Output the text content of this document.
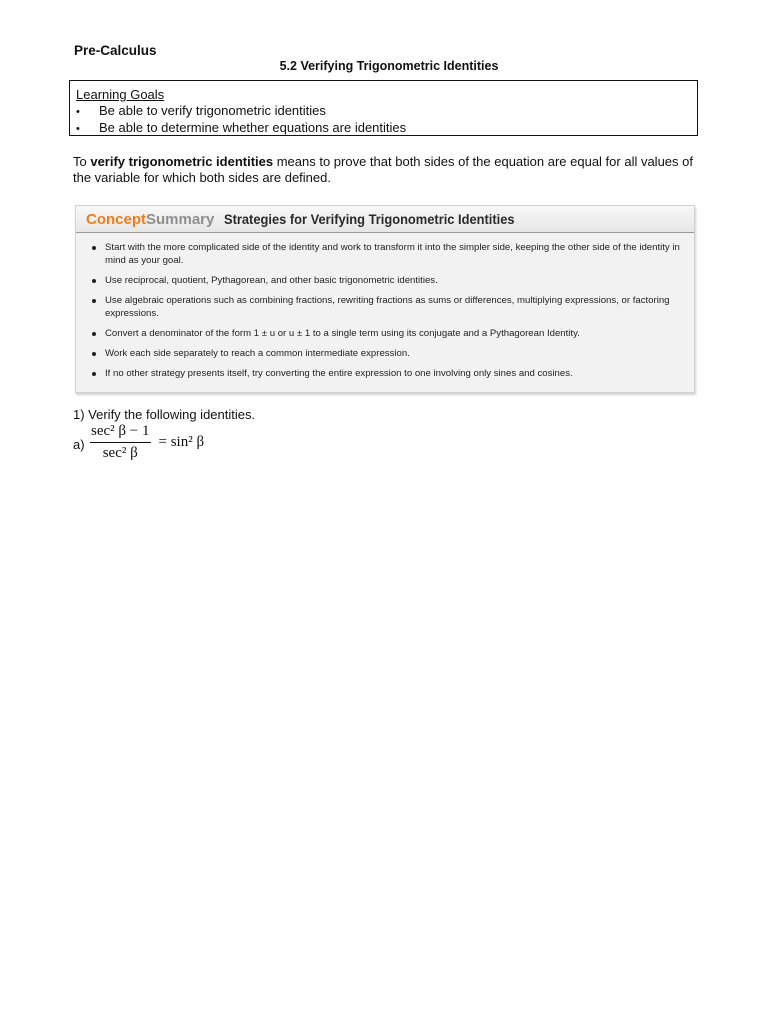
Pre-Calculus
5.2 Verifying Trigonometric Identities
Learning Goals
•	Be able to verify trigonometric identities
•	Be able to determine whether equations are identities
To verify trigonometric identities means to prove that both sides of the equation are equal for all values of the variable for which both sides are defined.
Concept Summary Strategies for Verifying Trigonometric Identities
Start with the more complicated side of the identity and work to transform it into the simpler side, keeping the other side of the identity in mind as your goal.
Use reciprocal, quotient, Pythagorean, and other basic trigonometric identities.
Use algebraic operations such as combining fractions, rewriting fractions as sums or differences, multiplying expressions, or factoring expressions.
Convert a denominator of the form 1 ± u or u ± 1 to a single term using its conjugate and a Pythagorean Identity.
Work each side separately to reach a common intermediate expression.
If no other strategy presents itself, try converting the entire expression to one involving only sines and cosines.
1) Verify the following identities.
$a) \frac{\text{sec² β − 1}}{\text{sec² β}} = \sin^2$ β
